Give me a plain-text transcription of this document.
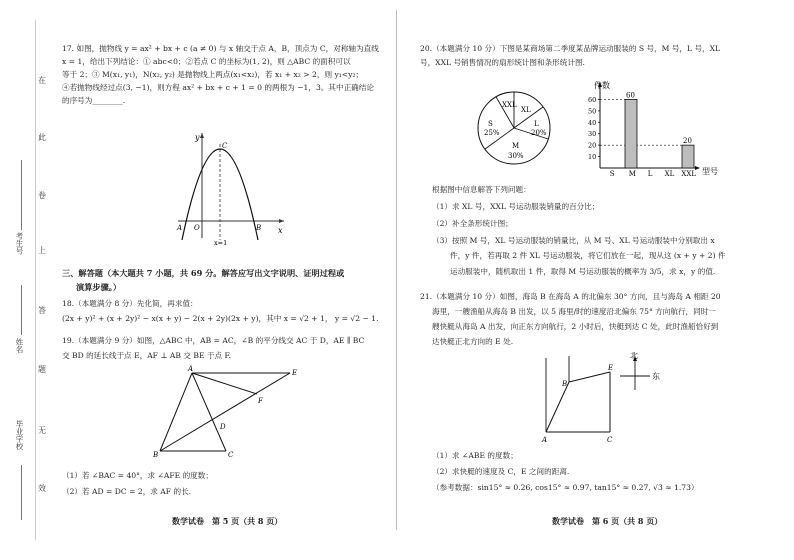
在
此
卷
上
答
题
无
效
考生号
姓名
毕业学校
17. 如图，抛物线 y = ax² + bx + c (a ≠ 0) 与 x 轴交于点 A，B，顶点为 C，对称轴为直线
x = 1，给出下列结论：① abc<0；②若点 C 的坐标为(1, 2)，则 △ABC 的面积可以
等于 2；③ M(x₁, y₁)，N(x₂, y₂) 是抛物线上两点(x₁<x₂)，若 x₁ + x₂ > 2，则 y₁<y₂；
④若抛物线经过点(3, −1)，则方程 ax² + bx + c + 1 = 0 的两根为 −1，3。其中正确结论
的序号为________.
y
x
O
A	B
C
x=1
三、解答题（本大题共 7 小题，共 69 分。解答应写出文字说明、证明过程或
演算步骤。）
18.（本题满分 8 分）先化简，再求值：
(2x + y)² + (x + 2y)² − x(x + y) − 2(x + 2y)(2x + y)，其中 x = √2 + 1， y = √2 − 1.
19.（本题满分 9 分）如图，△ABC 中，AB = AC，∠B 的平分线交 AC 于 D，AE ∥ BC
交 BD 的延长线于点 E，AF ⊥ AB 交 BE 于点 F.
A
B	C
D
E
F
（1）若 ∠BAC = 40°，求 ∠AFE 的度数；
（2）若 AD = DC = 2，求 AF 的长.
数学试卷　第 5 页（共 8 页）
20.（本题满分 10 分）下图是某商场第二季度某品牌运动服装的 S 号，M 号，L 号，XL
号，XXL 号销售情况的扇形统计图和条形统计图.
XXL
XL
L
20%
S
25%
M
30%
件数
型号
10
20
30
40
50
60
S M L XL XXL
60
20
根据图中信息解答下列问题：
（1）求 XL 号，XXL 号运动服装销量的百分比；
（2）补全条形统计图；
（3）按照 M 号，XL 号运动服装的销量比，从 M 号、XL 号运动服装中分别取出 x
件，y 件，若再取 2 件 XL 号运动服装，将它们放在一起，现从这 (x + y + 2) 件
运动服装中，随机取出 1 件，取得 M 号运动服装的概率为 3/5，求 x，y 的值.
21.（本题满分 10 分）如图，海岛 B 在海岛 A 的北偏东 30° 方向，且与海岛 A 相距 20
海里，一艘渔船从海岛 B 出发，以 5 海里/时的速度沿北偏东 75° 方向航行，同时一
艘快艇从海岛 A 出发，向正东方向航行，2 小时后，快艇到达 C 处，此时渔船恰好到
达快艇正北方向的 E 处.
A
B
C
E
北
东
（1）求 ∠ABE 的度数；
（2）求快艇的速度及 C，E 之间的距离.
（参考数据：sin15° ≈ 0.26, cos15° ≈ 0.97, tan15° ≈ 0.27, √3 ≈ 1.73）
数学试卷　第 6 页（共 8 页）
